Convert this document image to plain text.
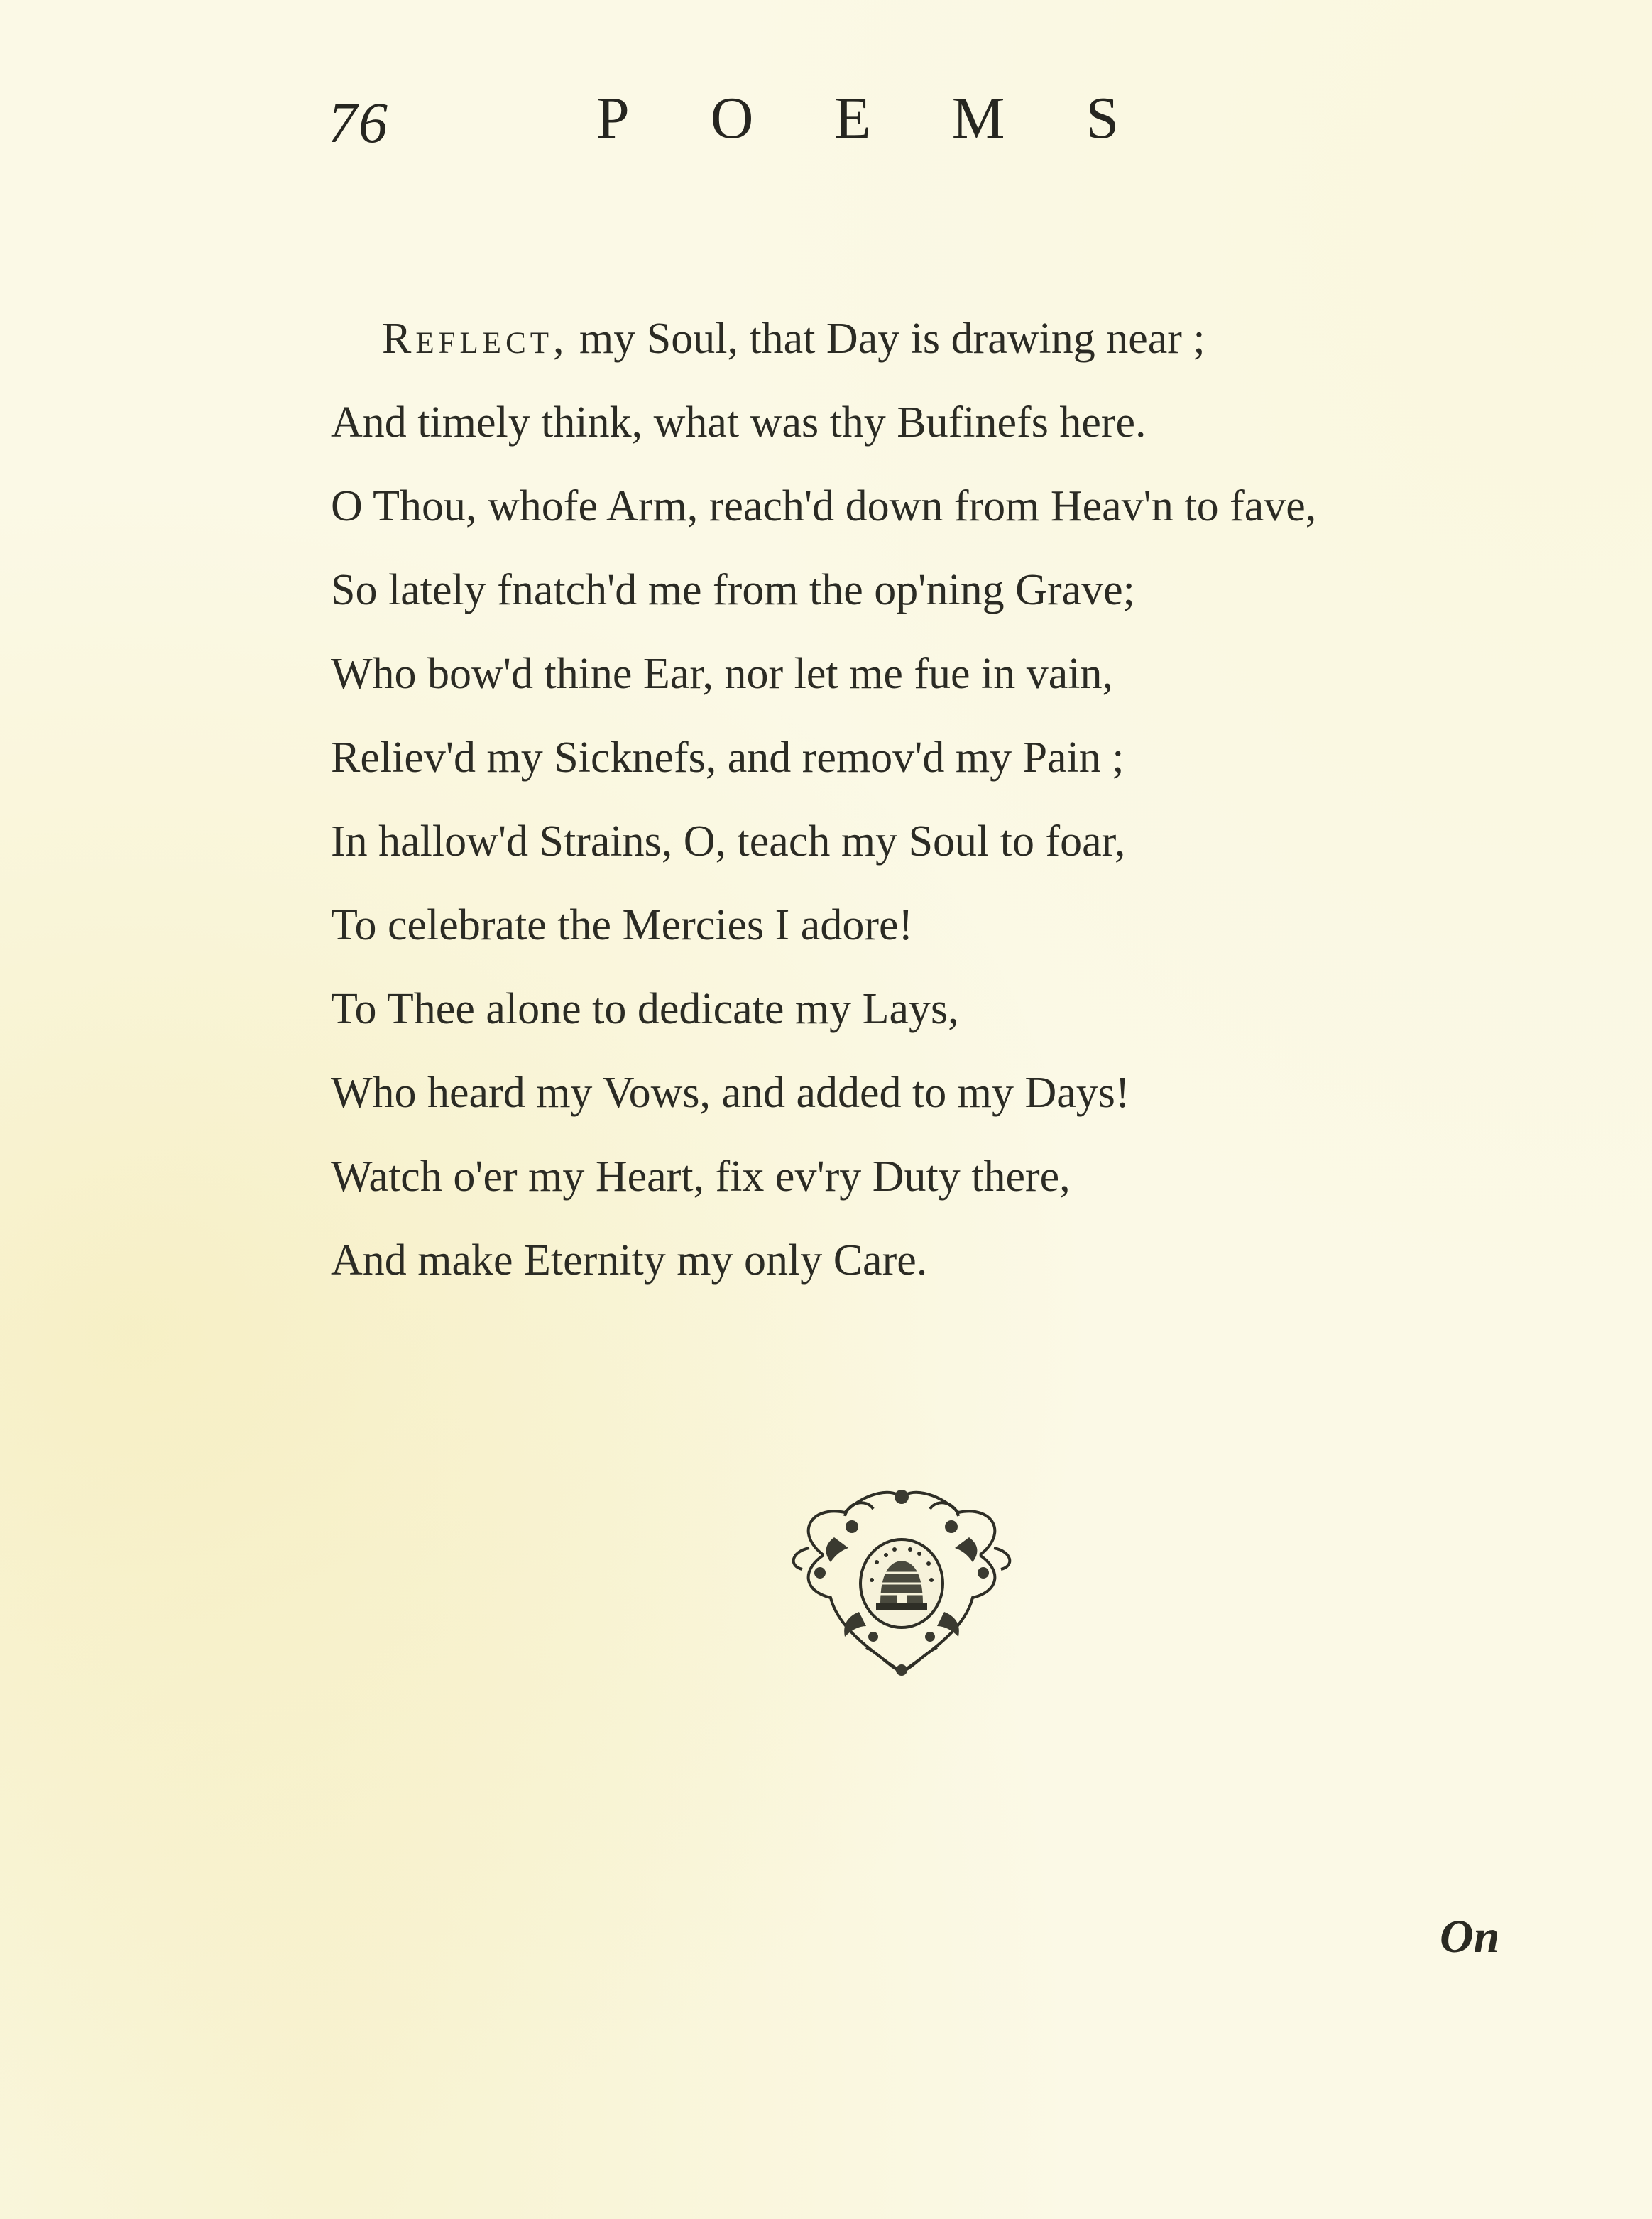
76	POEMS
Reflect, my Soul, that Day is drawing near ;
And timely think, what was thy Bufinefs here.
O Thou, whofe Arm, reach'd down from Heav'n to fave,
So lately fnatch'd me from the op'ning Grave;
Who bow'd thine Ear, nor let me fue in vain,
Reliev'd my Sicknefs, and remov'd my Pain ;
In hallow'd Strains, O, teach my Soul to foar,
To celebrate the Mercies I adore!
To Thee alone to dedicate my Lays,
Who heard my Vows, and added to my Days!
Watch o'er my Heart, fix ev'ry Duty there,
And make Eternity my only Care.
On
